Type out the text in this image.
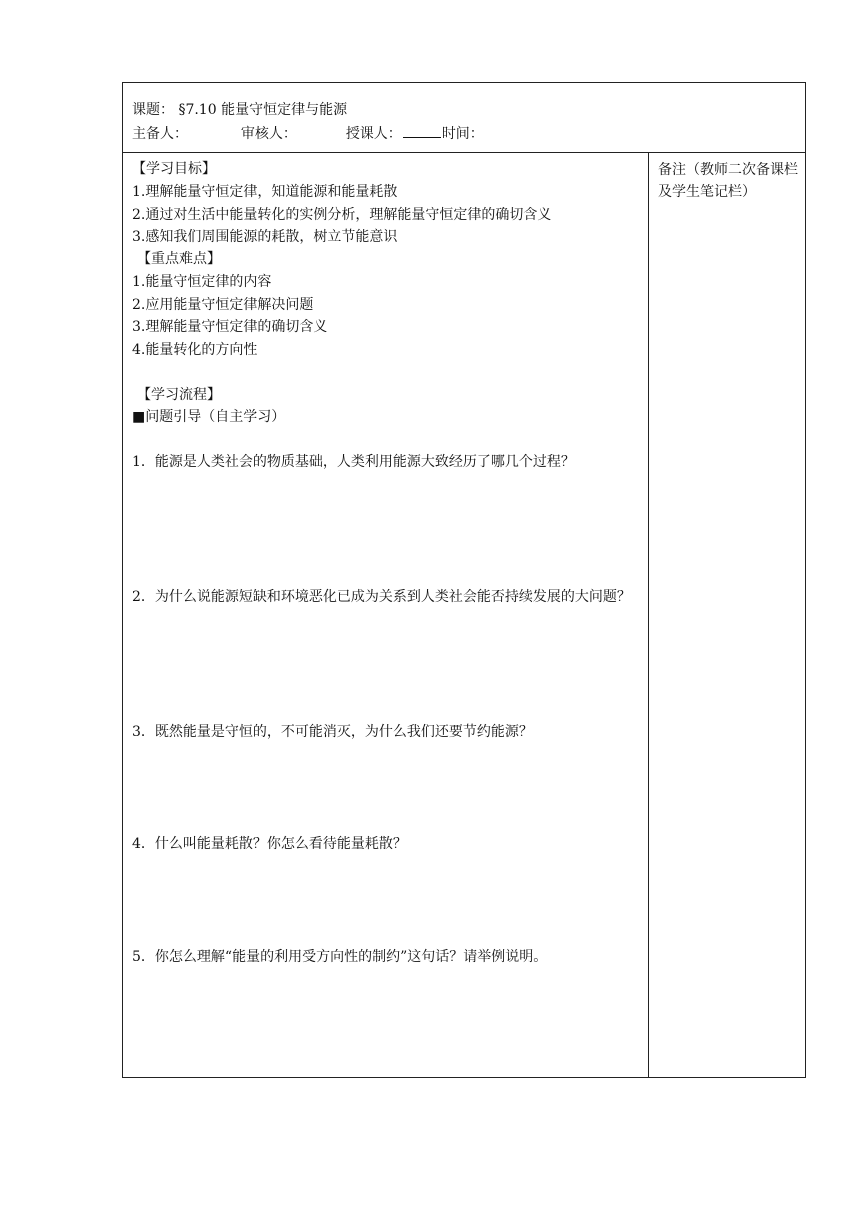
课题： §7.10 能量守恒定律与能源
主备人：	审核人：	授课人：	时间：
【学习目标】
1.理解能量守恒定律，知道能源和能量耗散
2.通过对生活中能量转化的实例分析，理解能量守恒定律的确切含义
3.感知我们周围能源的耗散，树立节能意识
【重点难点】
1.能量守恒定律的内容
2.应用能量守恒定律解决问题
3.理解能量守恒定律的确切含义
4.能量转化的方向性
【学习流程】
■问题引导（自主学习）
1．能源是人类社会的物质基础，人类利用能源大致经历了哪几个过程？
2．为什么说能源短缺和环境恶化已成为关系到人类社会能否持续发展的大问题？
3．既然能量是守恒的，不可能消灭，为什么我们还要节约能源？
4．什么叫能量耗散？你怎么看待能量耗散？
5．你怎么理解“能量的利用受方向性的制约”这句话？请举例说明。
备注（教师二次备课栏及学生笔记栏）
